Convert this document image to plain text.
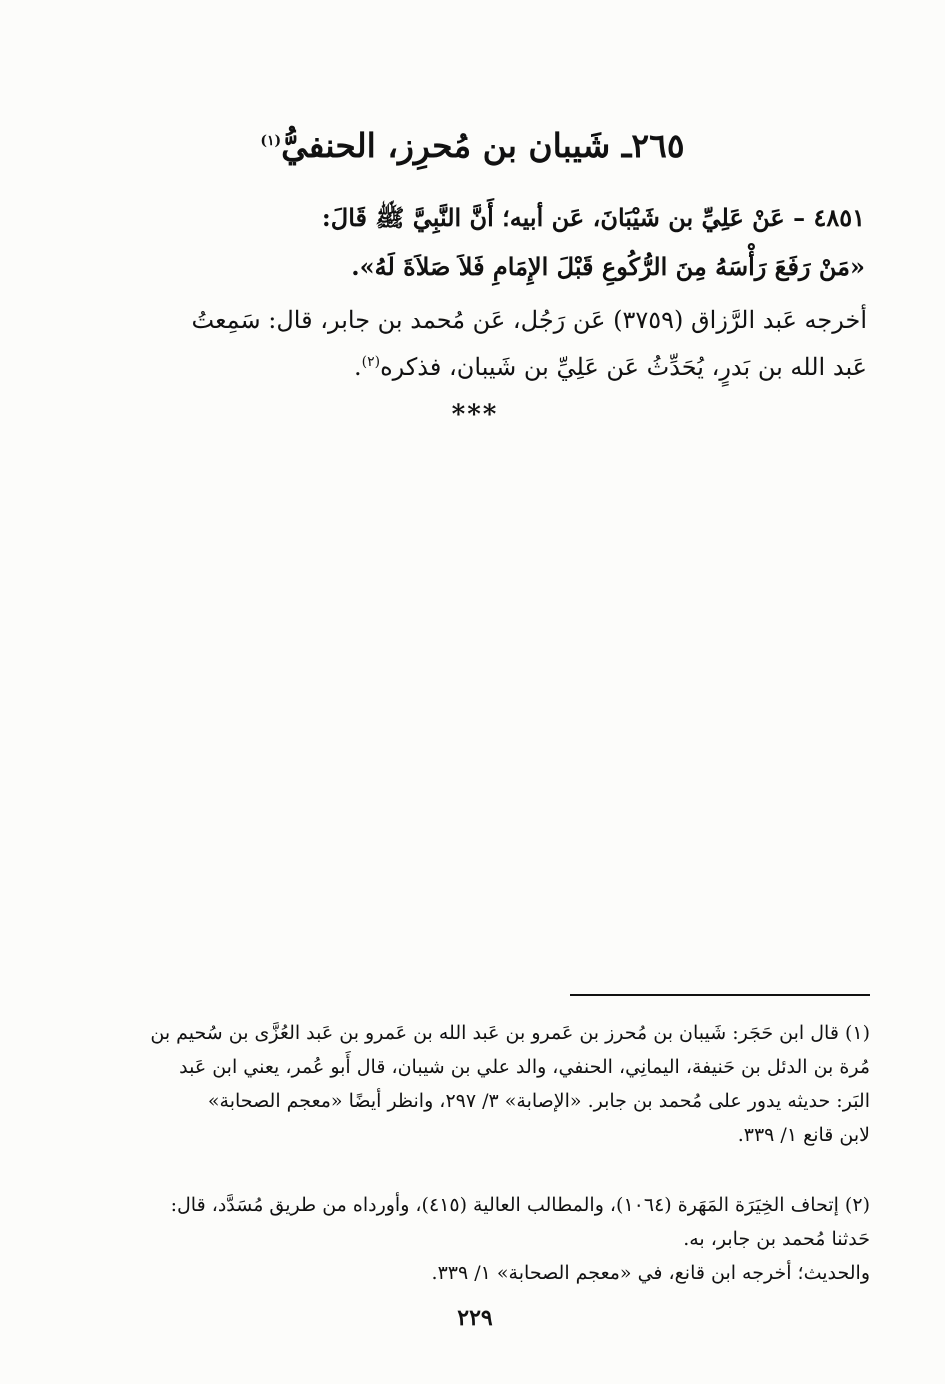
٢٦٥ـ شَيبان بن مُحرِز، الحنفيُّ$^{(١)}$
٤٨٥١ – عَنْ عَلِيِّ بن شَيْبَانَ، عَن أبيه؛ أَنَّ النَّبِيَّ ﷺ قَالَ:
«مَنْ رَفَعَ رَأْسَهُ مِنَ الرُّكُوعِ قَبْلَ الإِمَامِ فَلاَ صَلاَةَ لَهُ».
أخرجه عَبد الرَّزاق (٣٧٥٩) عَن رَجُل، عَن مُحمد بن جابر، قال: سَمِعتُ
عَبد الله بن بَدرٍ، يُحَدِّثُ عَن عَلِيِّ بن شَيبان، فذكره$^{(٢)}$.
***
(١) قال ابن حَجَر: شَيبان بن مُحرز بن عَمرو بن عَبد الله بن عَمرو بن عَبد العُزَّى بن سُحيم بن
مُرة بن الدئل بن حَنيفة، اليمانِي، الحنفي، والد علي بن شيبان، قال أَبو عُمر، يعني ابن عَبد
البَر: حديثه يدور على مُحمد بن جابر. «الإصابة» ٣/ ٢٩٧، وانظر أيضًا «معجم الصحابة»
لابن قانع ١/ ٣٣٩.
(٢) إتحاف الخِيَرَة المَهَرة (١٠٦٤)، والمطالب العالية (٤١٥)، وأورداه من طريق مُسَدَّد، قال:
حَدثنا مُحمد بن جابر، به.
والحديث؛ أخرجه ابن قانع، في «معجم الصحابة» ١/ ٣٣٩.
٢٢٩
